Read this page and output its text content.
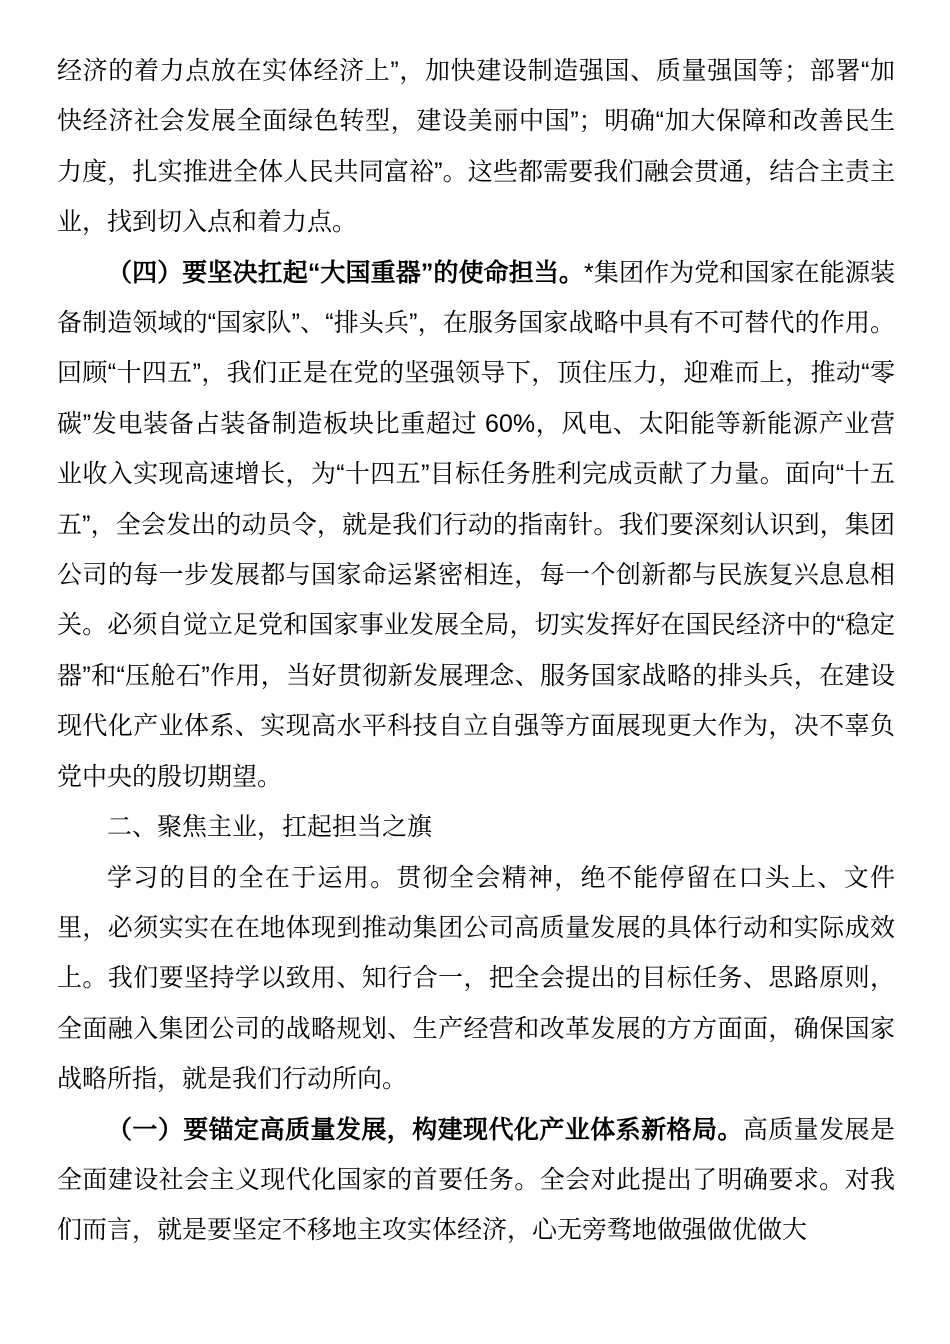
经济的着力点放在实体经济上”，加快建设制造强国、质量强国等；部署“加快经济社会发展全面绿色转型，建设美丽中国”；明确“加大保障和改善民生力度，扎实推进全体人民共同富裕”。这些都需要我们融会贯通，结合主责主业，找到切入点和着力点。

（四）要坚决扛起“大国重器”的使命担当。*集团作为党和国家在能源装备制造领域的“国家队”、“排头兵”，在服务国家战略中具有不可替代的作用。回顾“十四五”，我们正是在党的坚强领导下，顶住压力，迎难而上，推动“零碳”发电装备占装备制造板块比重超过 60%，风电、太阳能等新能源产业营业收入实现高速增长，为“十四五”目标任务胜利完成贡献了力量。面向“十五五”，全会发出的动员令，就是我们行动的指南针。我们要深刻认识到，集团公司的每一步发展都与国家命运紧密相连，每一个创新都与民族复兴息息相关。必须自觉立足党和国家事业发展全局，切实发挥好在国民经济中的“稳定器”和“压舱石”作用，当好贯彻新发展理念、服务国家战略的排头兵，在建设现代化产业体系、实现高水平科技自立自强等方面展现更大作为，决不辜负党中央的殷切期望。

二、聚焦主业，扛起担当之旗

学习的目的全在于运用。贯彻全会精神，绝不能停留在口头上、文件里，必须实实在在地体现到推动集团公司高质量发展的具体行动和实际成效上。我们要坚持学以致用、知行合一，把全会提出的目标任务、思路原则，全面融入集团公司的战略规划、生产经营和改革发展的方方面面，确保国家战略所指，就是我们行动所向。

（一）要锚定高质量发展，构建现代化产业体系新格局。高质量发展是全面建设社会主义现代化国家的首要任务。全会对此提出了明确要求。对我们而言，就是要坚定不移地主攻实体经济，心无旁骛地做强做优做大
